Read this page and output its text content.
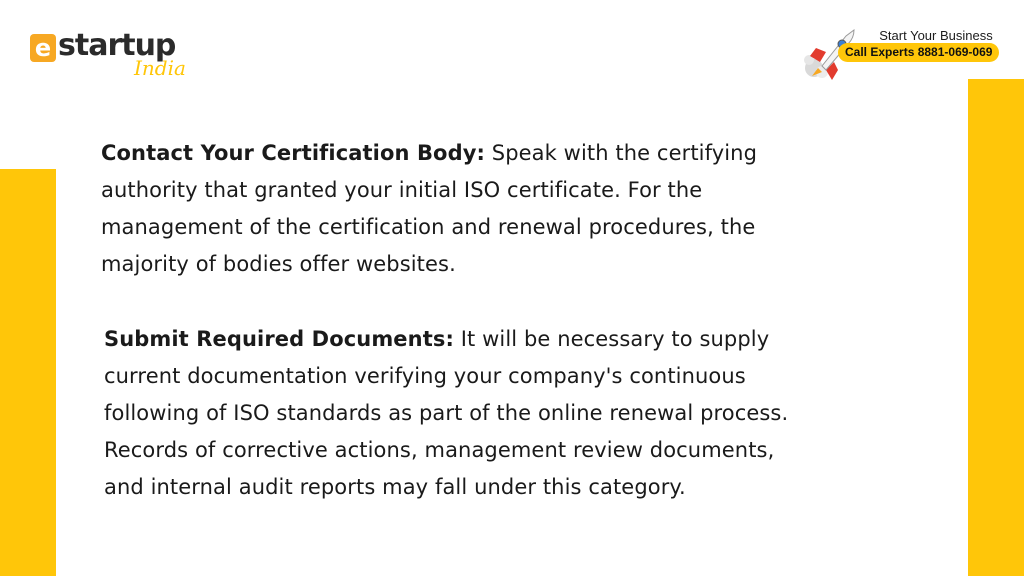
e startup
India
Start Your Business
Call Experts 8881-069-069
Contact Your Certification Body: Speak with the certifying
authority that granted your initial ISO certificate. For the
management of the certification and renewal procedures, the
majority of bodies offer websites.
Submit Required Documents: It will be necessary to supply
current documentation verifying your company's continuous
following of ISO standards as part of the online renewal process.
Records of corrective actions, management review documents,
and internal audit reports may fall under this category.
